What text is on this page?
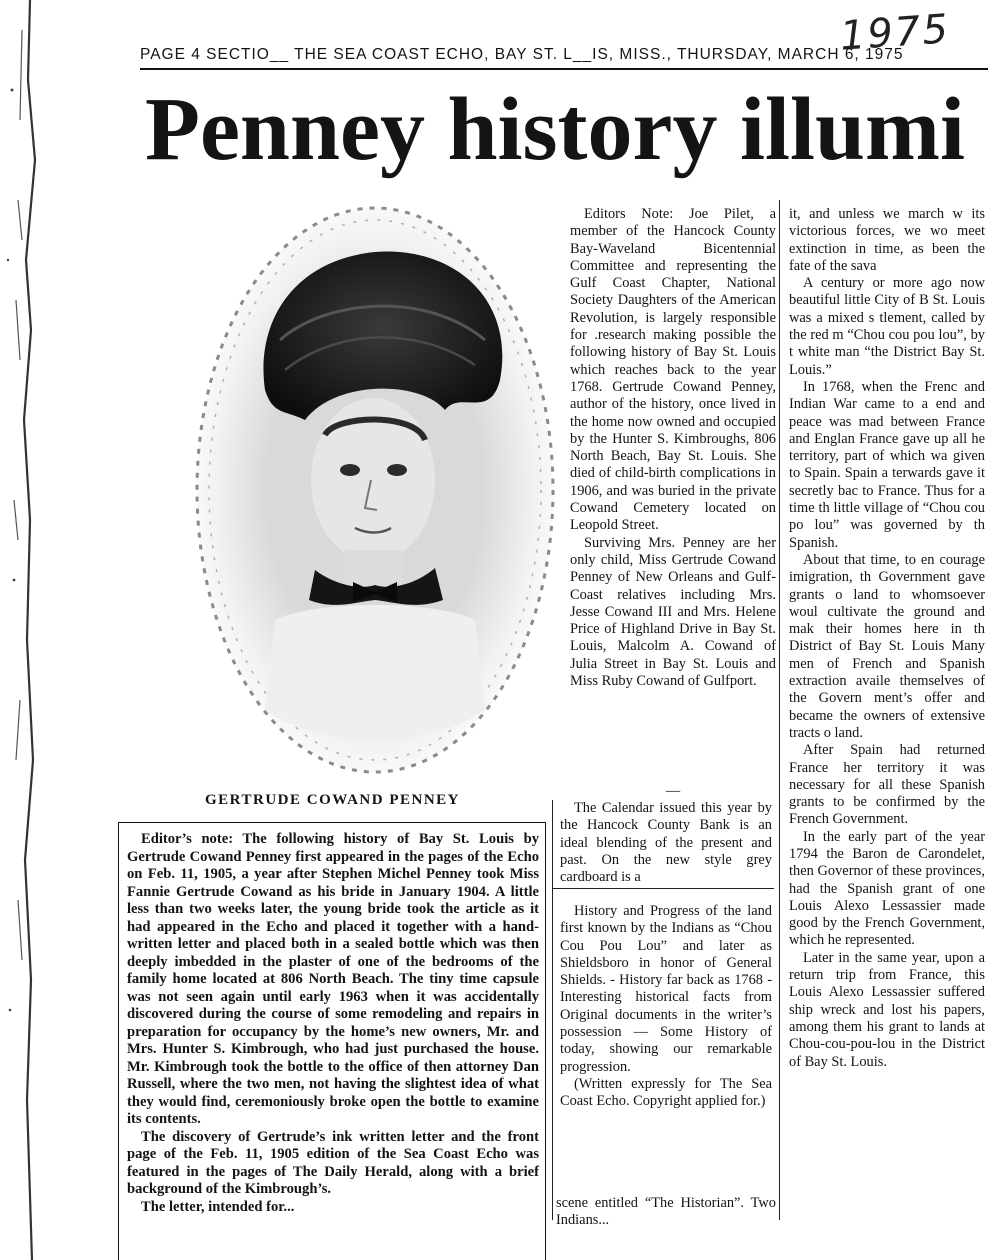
1975
PAGE 4 SECTIO__ THE SEA COAST ECHO, BAY ST. L__IS, MISS., THURSDAY, MARCH 6, 1975
Penney history illumi
GERTRUDE COWAND PENNEY

Editors Note: Joe Pilet, a member of the Hancock County Bay-Waveland Bicentennial Committee and representing the Gulf Coast Chapter, National Society Daughters of the American Revolution, is largely responsible for .research making possible the following history of Bay St. Louis which reaches back to the year 1768. Gertrude Cowand Penney, author of the history, once lived in the home now owned and occupied by the Hunter S. Kimbroughs, 806 North Beach, Bay St. Louis. She died of child-birth complications in 1906, and was buried in the private Cowand Cemetery located on Leopold Street.

Surviving Mrs. Penney are her only child, Miss Gertrude Cowand Penney of New Orleans and Gulf-Coast relatives including Mrs. Jesse Cowand III and Mrs. Helene Price of Highland Drive in Bay St. Louis, Malcolm A. Cowand of Julia Street in Bay St. Louis and Miss Ruby Cowand of Gulfport.

—

The Calendar issued this year by the Hancock County Bank is an ideal blending of the present and past. On the new style grey cardboard is a

History and Progress of the land first known by the Indians as “Chou Cou Pou Lou” and later as Shieldsboro in honor of General Shields. - History far back as 1768 - Interesting historical facts from Original documents in the writer’s possession — Some History of today, showing our remarkable progression.

(Written expressly for The Sea Coast Echo. Copyright applied for.)

scene entitled “The Historian”. Two Indians...

it, and unless we march w its victorious forces, we wo meet extinction in time, as been the fate of the sava

A century or more ago now beautiful little City of B St. Louis was a mixed s tlement, called by the red m “Chou cou pou lou”, by t white man “the District Bay St. Louis.”

In 1768, when the Frenc and Indian War came to a end and peace was mad between France and Englan France gave up all he territory, part of which wa given to Spain. Spain a terwards gave it secretly bac to France. Thus for a time th little village of “Chou cou po lou” was governed by th Spanish.

About that time, to en courage imigration, th Government gave grants o land to whomsoever woul cultivate the ground and mak their homes here in th District of Bay St. Louis Many men of French and Spanish extraction availe themselves of the Govern ment’s offer and became the owners of extensive tracts o land.

After Spain had returned France her territory it was necessary for all these Spanish grants to be confirmed by the French Government.

In the early part of the year 1794 the Baron de Carondelet, then Governor of these provinces, had the Spanish grant of one Louis Alexo Lessassier made good by the French Government, which he represented.

Later in the same year, upon a return trip from France, this Louis Alexo Lessassier suffered ship wreck and lost his papers, among them his grant to lands at Chou-cou-pou-lou in the District of Bay St. Louis.

Editor’s note: The following history of Bay St. Louis by Gertrude Cowand Penney first appeared in the pages of the Echo on Feb. 11, 1905, a year after Stephen Michel Penney took Miss Fannie Gertrude Cowand as his bride in January 1904. A little less than two weeks later, the young bride took the article as it had appeared in the Echo and placed it together with a hand-written letter and placed both in a sealed bottle which was then deeply imbedded in the plaster of one of the bedrooms of the family home located at 806 North Beach. The tiny time capsule was not seen again until early 1963 when it was accidentally discovered during the course of some remodeling and repairs in preparation for occupancy by the home’s new owners, Mr. and Mrs. Hunter S. Kimbrough, who had just purchased the house. Mr. Kimbrough took the bottle to the office of then attorney Dan Russell, where the two men, not having the slightest idea of what they would find, ceremoniously broke open the bottle to examine its contents.

The discovery of Gertrude’s ink written letter and the front page of the Feb. 11, 1905 edition of the Sea Coast Echo was featured in the pages of The Daily Herald, along with a brief background of the Kimbrough’s.

The letter, intended for...
